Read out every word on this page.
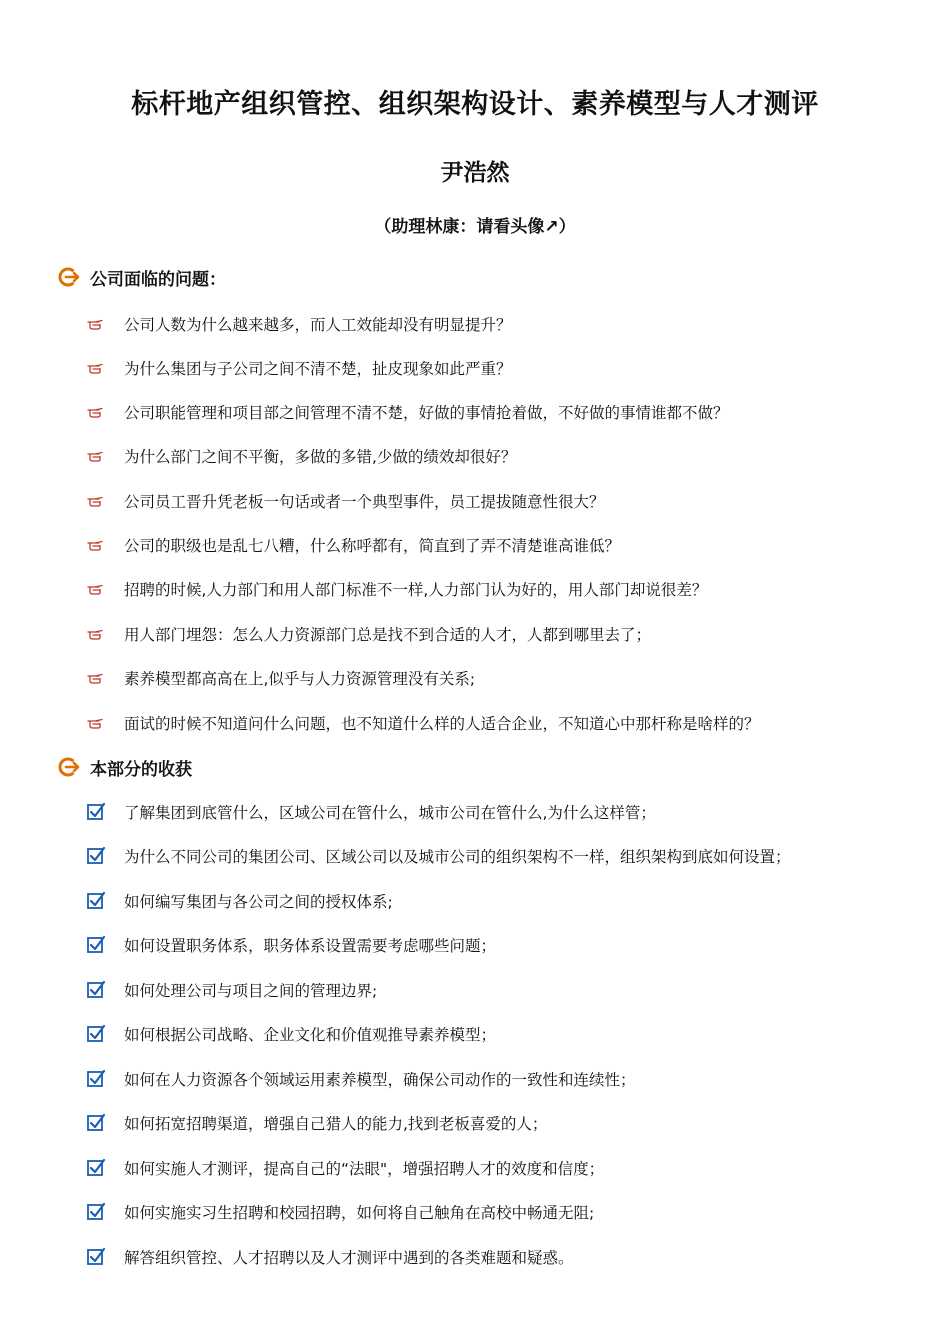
标杆地产组织管控、组织架构设计、素养模型与人才测评
尹浩然
（助理林康：请看头像↗）
公司面临的问题：
公司人数为什么越来越多，而人工效能却没有明显提升？
为什么集团与子公司之间不清不楚，扯皮现象如此严重？
公司职能管理和项目部之间管理不清不楚，好做的事情抢着做，不好做的事情谁都不做？
为什么部门之间不平衡，多做的多错,少做的绩效却很好？
公司员工晋升凭老板一句话或者一个典型事件，员工提拔随意性很大？
公司的职级也是乱七八糟，什么称呼都有，简直到了弄不清楚谁高谁低？
招聘的时候,人力部门和用人部门标准不一样,人力部门认为好的，用人部门却说很差？
用人部门埋怨：怎么人力资源部门总是找不到合适的人才，人都到哪里去了；
素养模型都高高在上,似乎与人力资源管理没有关系;
面试的时候不知道问什么问题，也不知道什么样的人适合企业，不知道心中那杆称是啥样的？
本部分的收获
了解集团到底管什么，区域公司在管什么，城市公司在管什么,为什么这样管；
为什么不同公司的集团公司、区域公司以及城市公司的组织架构不一样，组织架构到底如何设置；
如何编写集团与各公司之间的授权体系;
如何设置职务体系，职务体系设置需要考虑哪些问题；
如何处理公司与项目之间的管理边界;
如何根据公司战略、企业文化和价值观推导素养模型；
如何在人力资源各个领域运用素养模型，确保公司动作的一致性和连续性；
如何拓宽招聘渠道，增强自己猎人的能力,找到老板喜爱的人；
如何实施人才测评，提高自己的“法眼"，增强招聘人才的效度和信度；
如何实施实习生招聘和校园招聘，如何将自己触角在高校中畅通无阻;
解答组织管控、人才招聘以及人才测评中遇到的各类难题和疑惑。
